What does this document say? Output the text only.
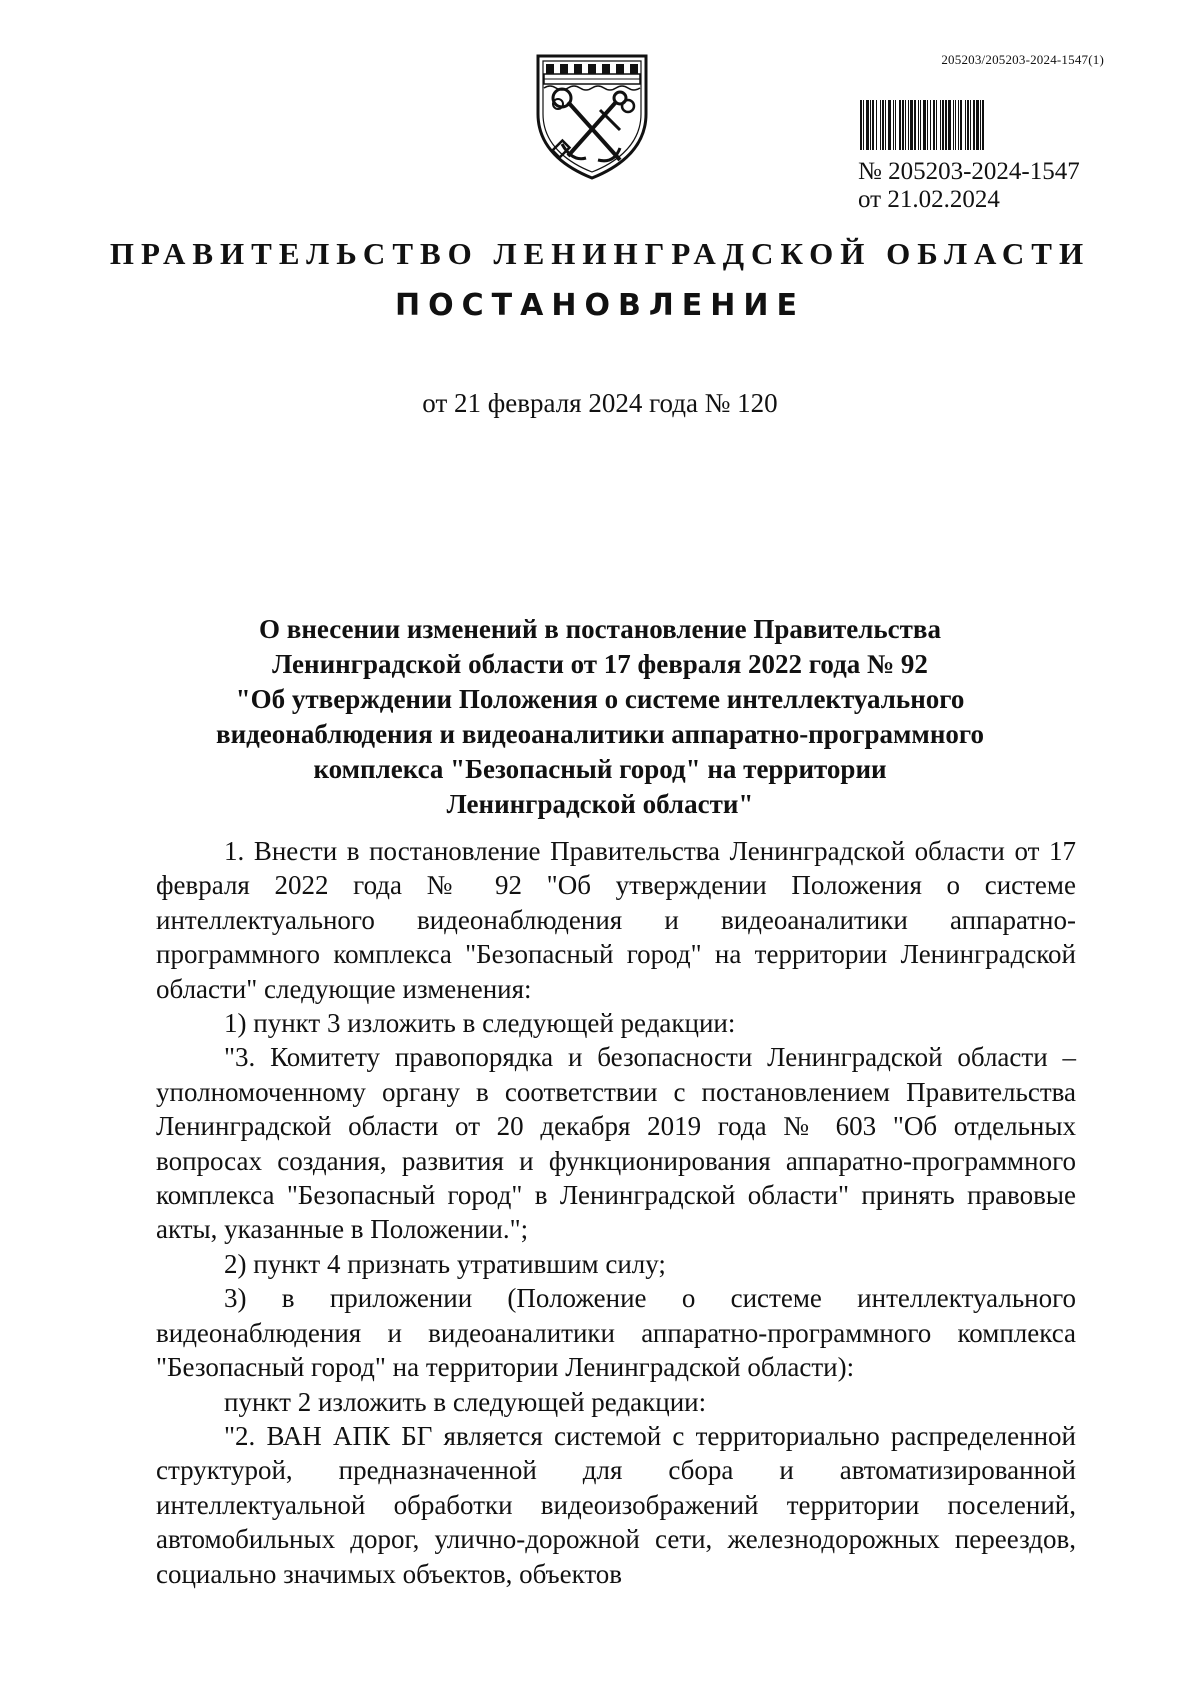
205203/205203-2024-1547(1)
№ 205203-2024-1547
от 21.02.2024
ПРАВИТЕЛЬСТВО ЛЕНИНГРАДСКОЙ ОБЛАСТИ
ПОСТАНОВЛЕНИЕ
от 21 февраля 2024 года № 120
О внесении изменений в постановление Правительства
Ленинградской области от 17 февраля 2022 года № 92
"Об утверждении Положения о системе интеллектуального
видеонаблюдения и видеоаналитики аппаратно-программного
комплекса "Безопасный город" на территории
Ленинградской области"

1. Внести в постановление Правительства Ленинградской области от 17 февраля 2022 года № 92 "Об утверждении Положения о системе интеллектуального видеонаблюдения и видеоаналитики аппаратно-программного комплекса "Безопасный город" на территории Ленинградской области" следующие изменения:

1) пункт 3 изложить в следующей редакции:

"3. Комитету правопорядка и безопасности Ленинградской области – уполномоченному органу в соответствии с постановлением Правительства Ленинградской области от 20 декабря 2019 года № 603 "Об отдельных вопросах создания, развития и функционирования аппаратно-программного комплекса "Безопасный город" в Ленинградской области" принять правовые акты, указанные в Положении.";

2) пункт 4 признать утратившим силу;

3) в приложении (Положение о системе интеллектуального видеонаблюдения и видеоаналитики аппаратно-программного комплекса "Безопасный город" на территории Ленинградской области):

пункт 2 изложить в следующей редакции:

"2. ВАН АПК БГ является системой с территориально распределенной структурой, предназначенной для сбора и автоматизированной интеллектуальной обработки видеоизображений территории поселений, автомобильных дорог, улично-дорожной сети, железнодорожных переездов, социально значимых объектов, объектов
